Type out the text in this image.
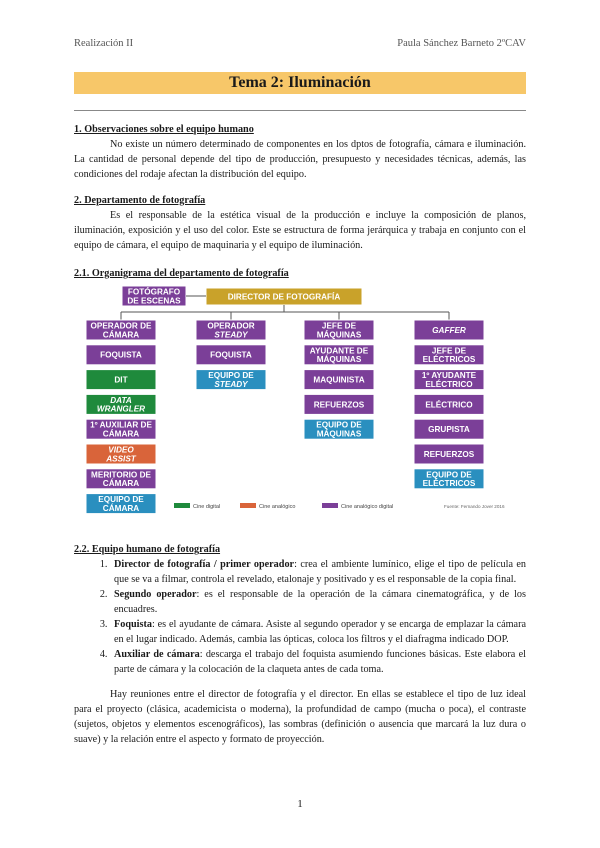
Realización II	Paula Sánchez Barneto 2ºCAV
Tema 2: Iluminación
1. Observaciones sobre el equipo humano

No existe un número determinado de componentes en los dptos de fotografía, cámara e iluminación. La cantidad de personal depende del tipo de producción, presupuesto y necesidades técnicas, además, las condiciones del rodaje afectan la distribución del equipo.

2. Departamento de fotografía

Es el responsable de la estética visual de la producción e incluye la composición de planos, iluminación, exposición y el uso del color. Este se estructura de forma jerárquica y trabaja en conjunto con el equipo de cámara, el equipo de maquinaria y el equipo de iluminación.

2.1. Organigrama del departamento de fotografía
FOTÓGRAFO
DE ESCENAS	DIRECTOR DE FOTOGRAFÍA
OPERADOR DE
CÁMARA
FOQUISTA
DIT
DATA
WRANGLER
1º AUXILIAR DE
CÁMARA
VIDEO
ASSIST
MERITORIO DE
CÁMARA
EQUIPO DE
CÁMARA
OPERADOR
STEADY
FOQUISTA
EQUIPO DE
STEADY
JEFE DE
MÁQUINAS
AYUDANTE DE
MÁQUINAS
MAQUINISTA
REFUERZOS
EQUIPO DE
MÁQUINAS
GAFFER
JEFE DE
ELÉCTRICOS
1º AYUDANTE
ELÉCTRICO
ELÉCTRICO
GRUPISTA
REFUERZOS
EQUIPO DE
ELÉCTRICOS
Cine digital	Cine analógico	Cine analógico digital	Fuente: Fernando Jover 2016
2.2. Equipo humano de fotografía
1. Director de fotografía / primer operador: crea el ambiente lumínico, elige el tipo de película en que se va a filmar, controla el revelado, etalonaje y positivado y es el responsable de la copia final.
2. Segundo operador: es el responsable de la operación de la cámara cinematográfica, y de los encuadres.
3. Foquista: es el ayudante de cámara. Asiste al segundo operador y se encarga de emplazar la cámara en el lugar indicado. Además, cambia las ópticas, coloca los filtros y el diafragma indicado DOP.
4. Auxiliar de cámara: descarga el trabajo del foquista asumiendo funciones básicas. Este elabora el parte de cámara y la colocación de la claqueta antes de cada toma.

Hay reuniones entre el director de fotografía y el director. En ellas se establece el tipo de luz ideal para el proyecto (clásica, academicista o moderna), la profundidad de campo (mucha o poca), el contraste (sujetos, objetos y elementos escenográficos), las sombras (definición o ausencia que marcará la luz dura o suave) y la relación entre el aspecto y formato de proyección.

1
